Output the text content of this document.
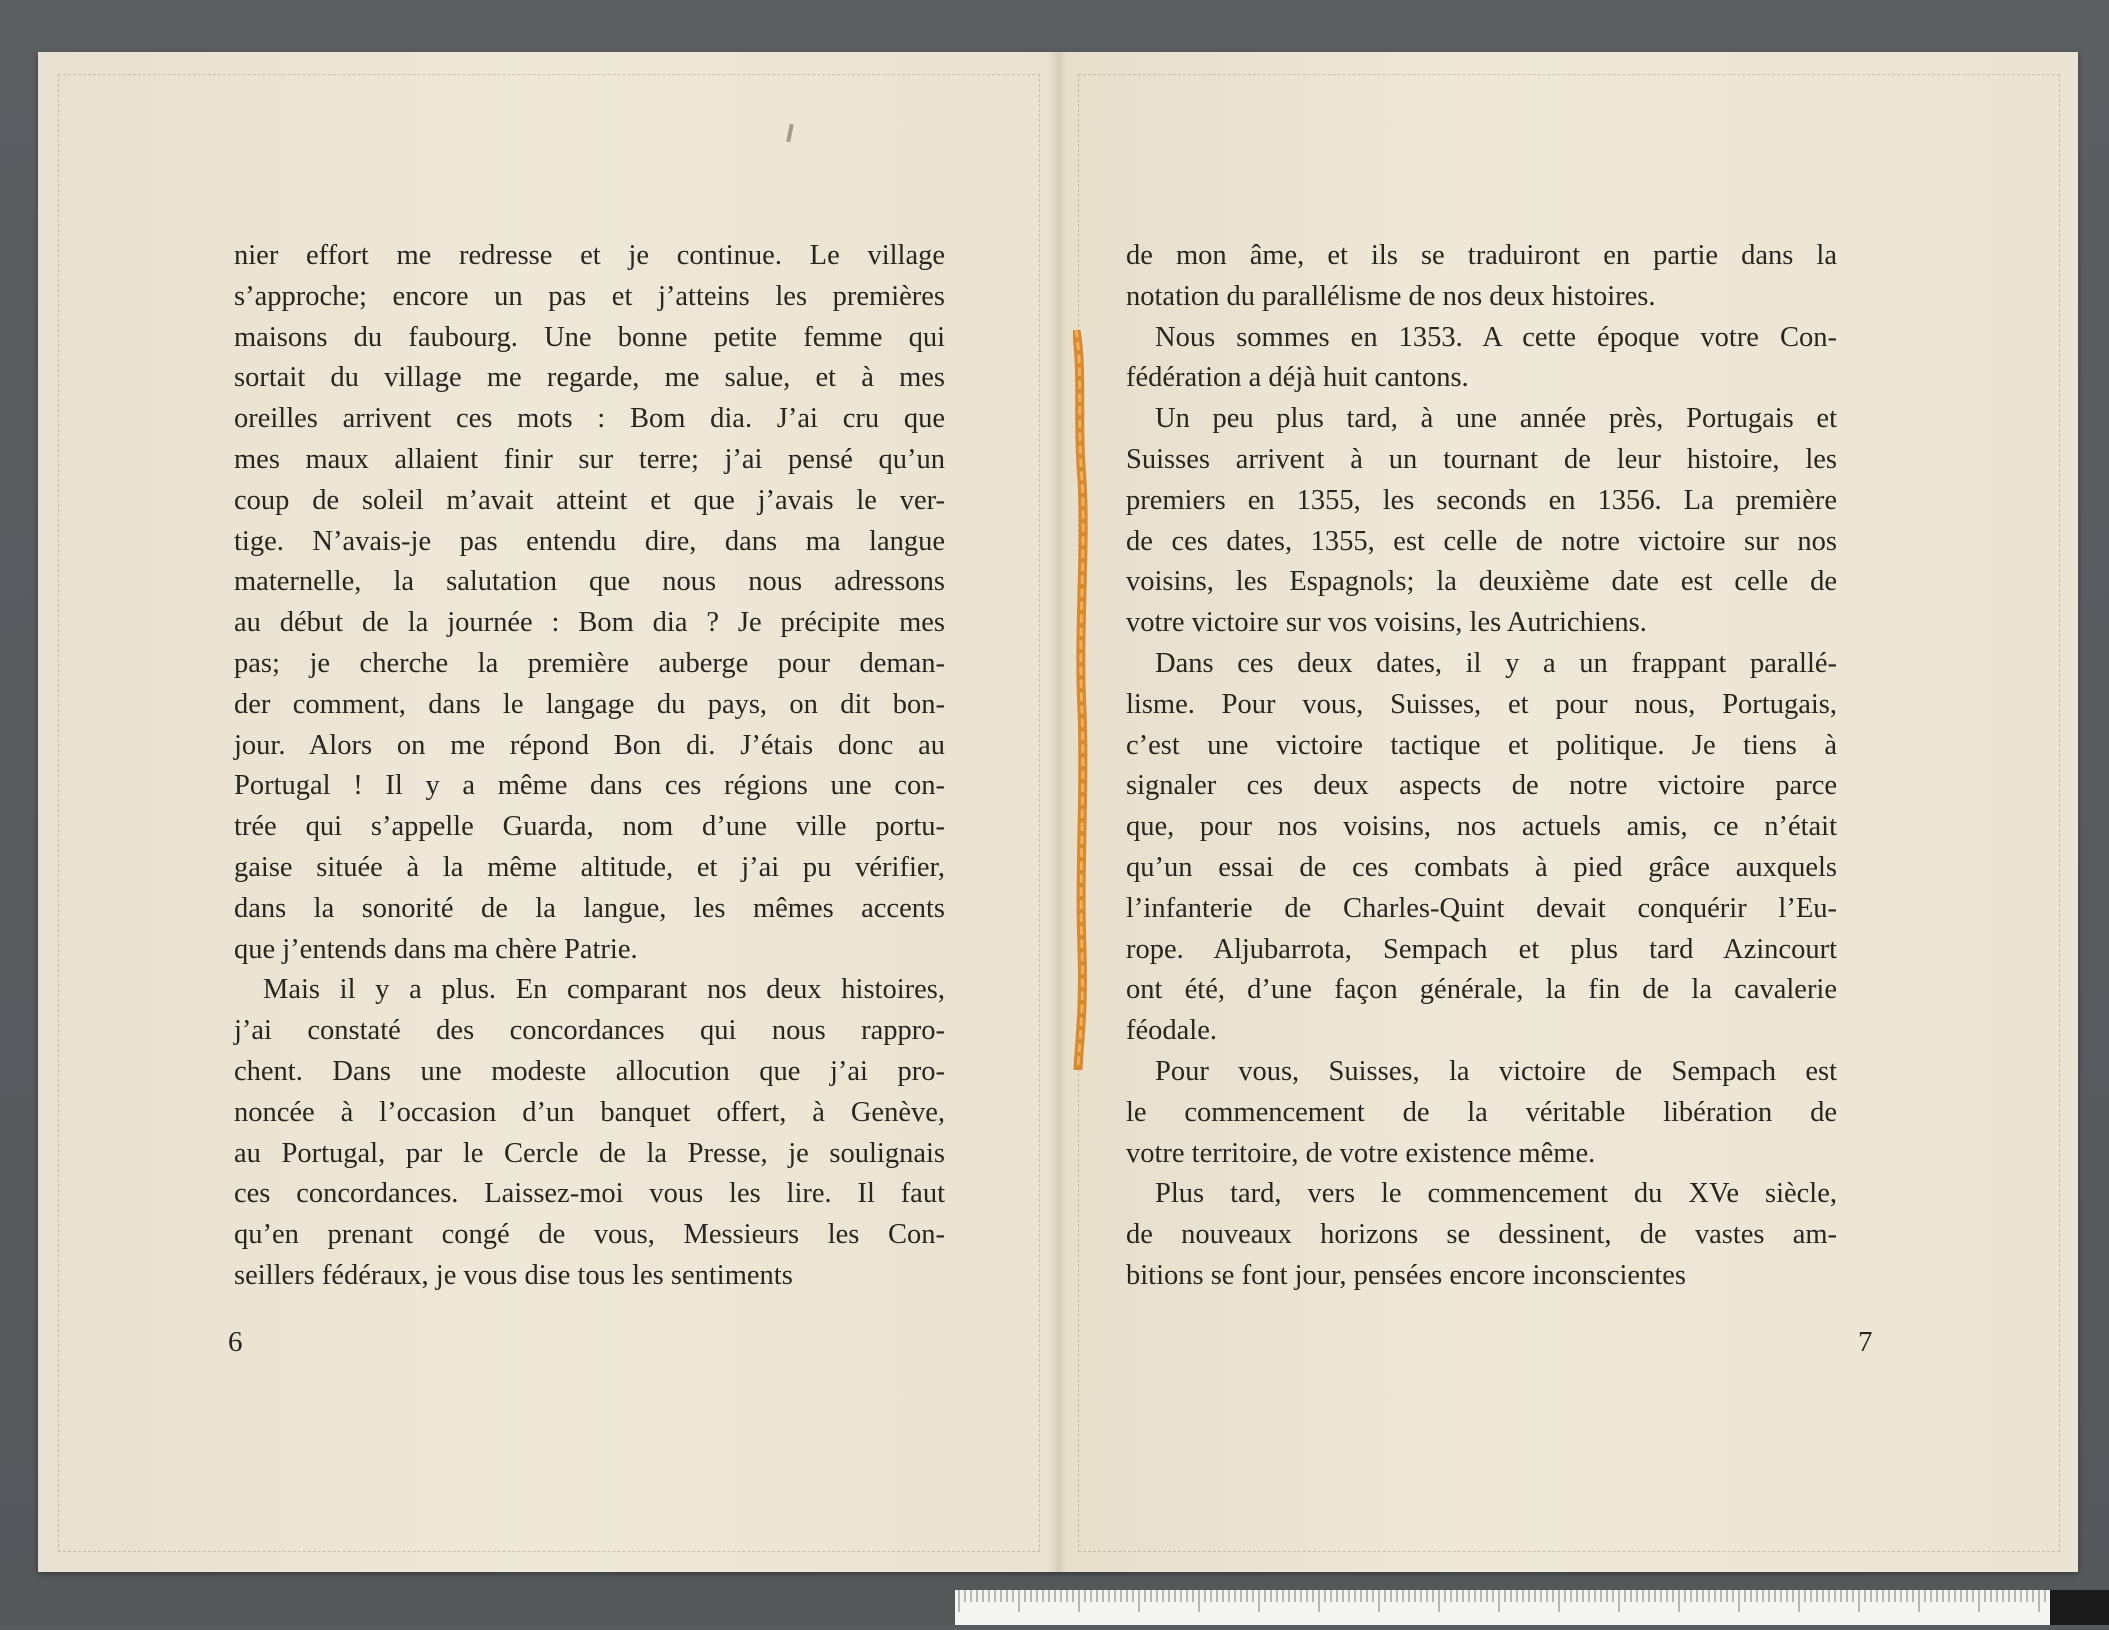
nier effort me redresse et je continue. Le village
s’approche; encore un pas et j’atteins les premières
maisons du faubourg. Une bonne petite femme qui
sortait du village me regarde, me salue, et à mes
oreilles arrivent ces mots : Bom dia. J’ai cru que
mes maux allaient finir sur terre; j’ai pensé qu’un
coup de soleil m’avait atteint et que j’avais le ver-
tige. N’avais-je pas entendu dire, dans ma langue
maternelle, la salutation que nous nous adressons
au début de la journée : Bom dia ? Je précipite mes
pas; je cherche la première auberge pour deman-
der comment, dans le langage du pays, on dit bon-
jour. Alors on me répond Bon di. J’étais donc au
Portugal ! Il y a même dans ces régions une con-
trée qui s’appelle Guarda, nom d’une ville portu-
gaise située à la même altitude, et j’ai pu vérifier,
dans la sonorité de la langue, les mêmes accents
que j’entends dans ma chère Patrie.
Mais il y a plus. En comparant nos deux histoires,
j’ai constaté des concordances qui nous rappro-
chent. Dans une modeste allocution que j’ai pro-
noncée à l’occasion d’un banquet offert, à Genève,
au Portugal, par le Cercle de la Presse, je soulignais
ces concordances. Laissez-moi vous les lire. Il faut
qu’en prenant congé de vous, Messieurs les Con-
seillers fédéraux, je vous dise tous les sentiments
6
de mon âme, et ils se traduiront en partie dans la
notation du parallélisme de nos deux histoires.
Nous sommes en 1353. A cette époque votre Con-
fédération a déjà huit cantons.
Un peu plus tard, à une année près, Portugais et
Suisses arrivent à un tournant de leur histoire, les
premiers en 1355, les seconds en 1356. La première
de ces dates, 1355, est celle de notre victoire sur nos
voisins, les Espagnols; la deuxième date est celle de
votre victoire sur vos voisins, les Autrichiens.
Dans ces deux dates, il y a un frappant parallé-
lisme. Pour vous, Suisses, et pour nous, Portugais,
c’est une victoire tactique et politique. Je tiens à
signaler ces deux aspects de notre victoire parce
que, pour nos voisins, nos actuels amis, ce n’était
qu’un essai de ces combats à pied grâce auxquels
l’infanterie de Charles-Quint devait conquérir l’Eu-
rope. Aljubarrota, Sempach et plus tard Azincourt
ont été, d’une façon générale, la fin de la cavalerie
féodale.
Pour vous, Suisses, la victoire de Sempach est
le commencement de la véritable libération de
votre territoire, de votre existence même.
Plus tard, vers le commencement du XVe siècle,
de nouveaux horizons se dessinent, de vastes am-
bitions se font jour, pensées encore inconscientes
7
